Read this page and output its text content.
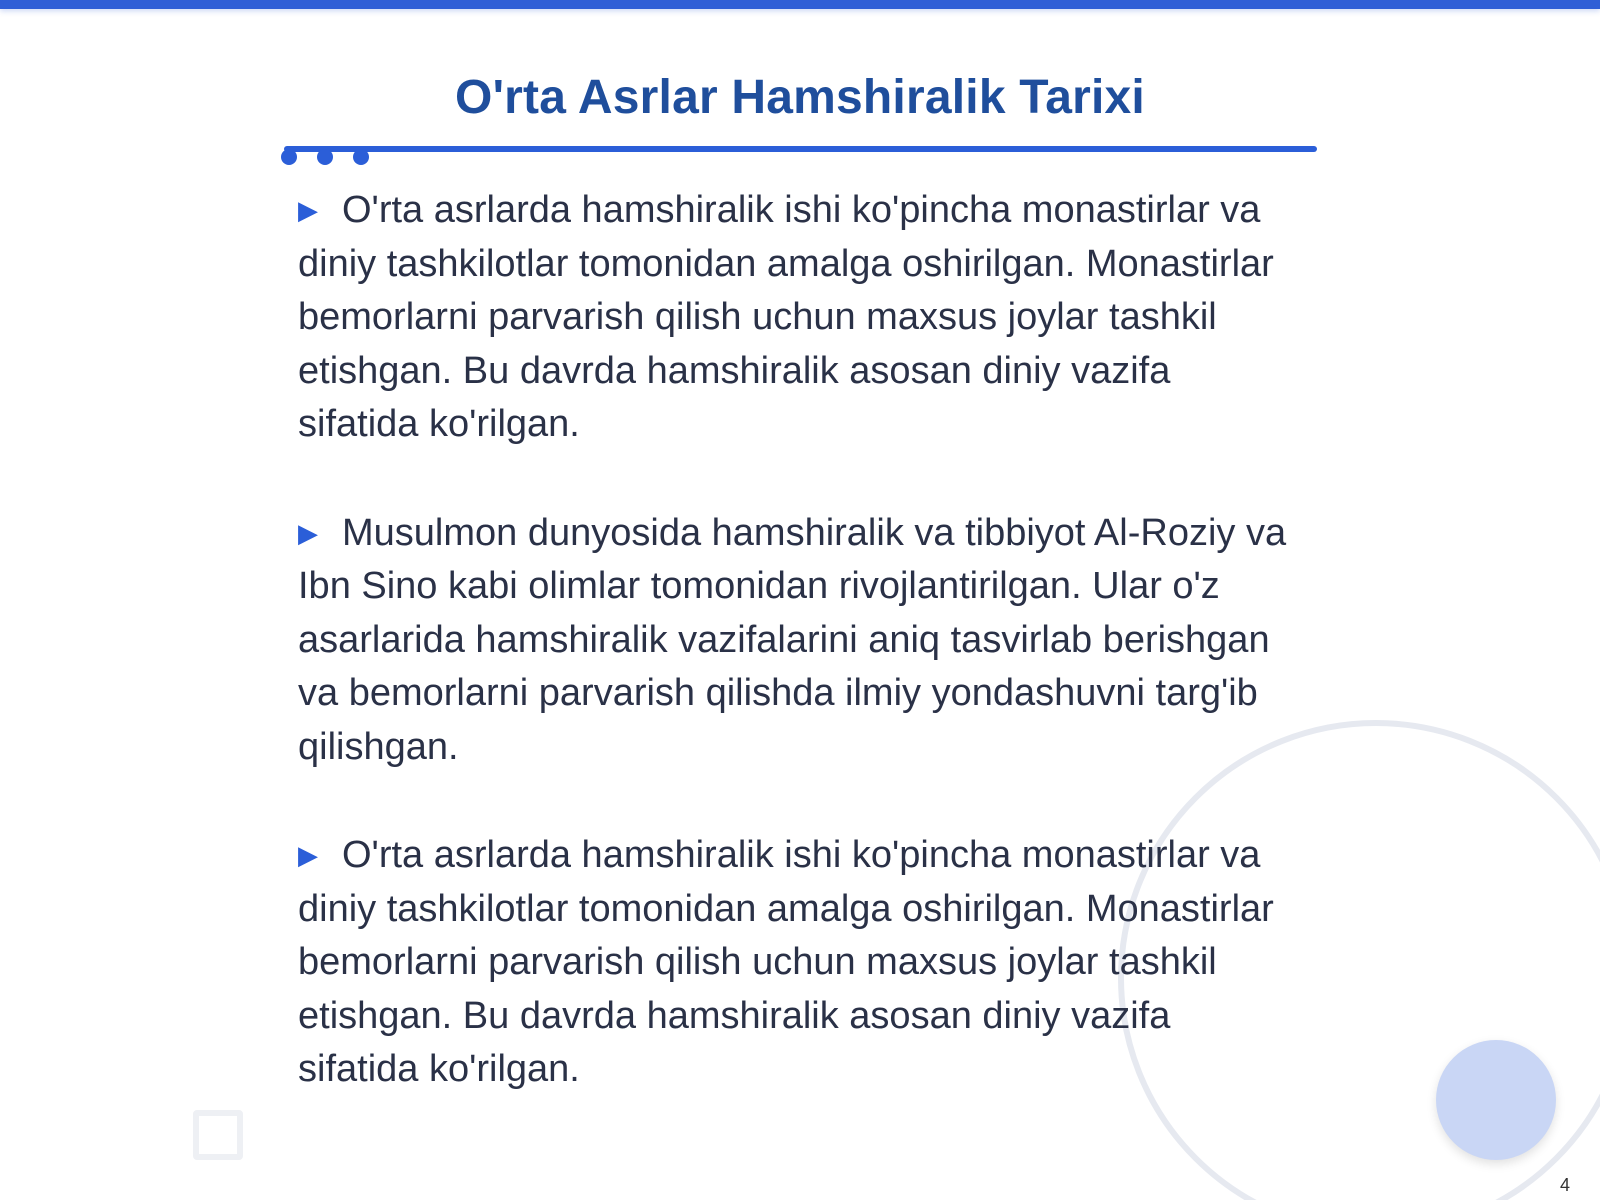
O'rta Asrlar Hamshiralik Tarixi

▶ O'rta asrlarda hamshiralik ishi ko'pincha monastirlar va diniy tashkilotlar tomonidan amalga oshirilgan. Monastirlar bemorlarni parvarish qilish uchun maxsus joylar tashkil etishgan. Bu davrda hamshiralik asosan diniy vazifa sifatida ko'rilgan.

▶ Musulmon dunyosida hamshiralik va tibbiyot Al-Roziy va Ibn Sino kabi olimlar tomonidan rivojlantirilgan. Ular o'z asarlarida hamshiralik vazifalarini aniq tasvirlab berishgan va bemorlarni parvarish qilishda ilmiy yondashuvni targ'ib qilishgan.

▶ O'rta asrlarda hamshiralik ishi ko'pincha monastirlar va diniy tashkilotlar tomonidan amalga oshirilgan. Monastirlar bemorlarni parvarish qilish uchun maxsus joylar tashkil etishgan. Bu davrda hamshiralik asosan diniy vazifa sifatida ko'rilgan.

4
